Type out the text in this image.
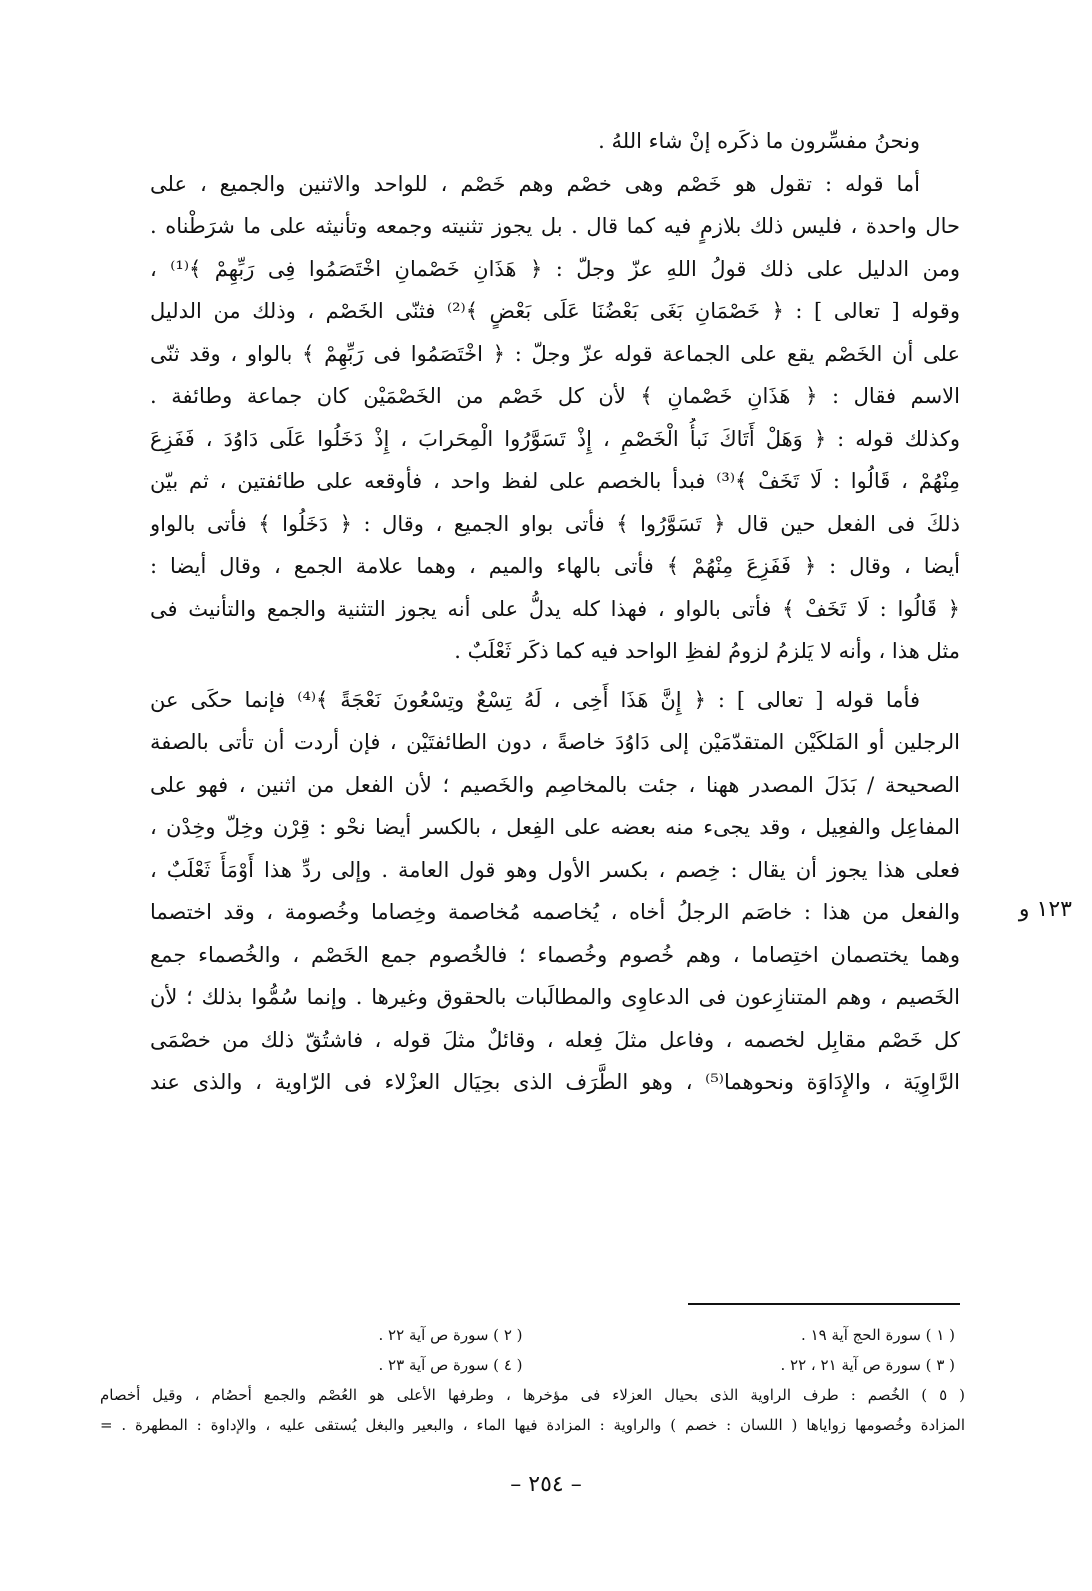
ونحنُ مفسِّرون ما ذكَره إنْ شاء اللهُ .
أما قوله : تقول هو خَصْم وهى خصْم وهم خَصْم ، للواحد والاثنين والجميع ، على
حال واحدة ، فليس ذلك بلازمٍ فيه كما قال . بل يجوز تثنيته وجمعه وتأنيثه على ما شرَطْناه .
ومن الدليل على ذلك قولُ اللهِ عزّ وجلّ : ﴿ هَذَانِ خَصْمانِ اخْتَصَمُوا فِى رَبِّهِمْ ﴾⁽¹⁾ ،
وقوله [ تعالى ] : ﴿ خَصْمَانِ بَغَى بَعْضُنَا عَلَى بَعْضٍ ﴾⁽²⁾ فثنّى الخَصْم ، وذلك من الدليل
على أن الخَصْم يقع على الجماعة قوله عزّ وجلّ : ﴿ اخْتَصَمُوا فى رَبِّهِمْ ﴾ بالواو ، وقد ثنّى
الاسم فقال : ﴿ هَذَانِ خَصْمانِ ﴾ لأن كل خَصْم من الخَصْمَيْن كان جماعة وطائفة .
وكذلك قوله : ﴿ وَهَلْ أَتَاكَ نَبأُ الْخَصْمِ ، إِذْ تَسَوَّرُوا الْمِحَرابَ ، إِذْ دَخَلُوا عَلَى دَاوُدَ ، فَفَزِعَ
مِنْهُمْ ، قَالُوا : لَا تَخَفْ ﴾⁽³⁾ فبدأ بالخصم على لفظ واحد ، فأوقعه على طائفتين ، ثم بيّن
ذلكَ فى الفعل حين قال ﴿ تَسَوَّرُوا ﴾ فأتى بواو الجميع ، وقال : ﴿ دَخَلُوا ﴾ فأتى بالواو
أيضا ، وقال : ﴿ فَفَزِعَ مِنْهُمْ ﴾ فأتى بالهاء والميم ، وهما علامة الجمع ، وقال أيضا :
﴿ قَالُوا : لَا تَخَفْ ﴾ فأتى بالواو ، فهذا كله يدلُّ على أنه يجوز التثنية والجمع والتأنيث فى
مثل هذا ، وأنه لا يَلزمُ لزومُ لفظِ الواحد فيه كما ذكَر ثَعْلَبٌ .
فأما قوله [ تعالى ] : ﴿ إِنَّ هَذَا أَخِى ، لَهُ تِسْعٌ وتِسْعُونَ نَعْجَةً ﴾⁽⁴⁾ فإنما حكَى عن
الرجلين أو المَلكَيْن المتقدّمَيْن إلى دَاوُدَ خاصةً ، دون الطائفتَيْن ، فإن أردت أن تأتى بالصفة
الصحيحة / بَدَلَ المصدر ههنا ، جئت بالمخاصِم والخَصيم ؛ لأن الفعل من اثنين ، فهو على
المفاعِل والفعِيل ، وقد يجىء منه بعضه على الفِعل ، بالكسر أيضا نحْو : قِرْن وخِلّ وخِدْن ،
فعلى هذا يجوز أن يقال : خِصم ، بكسر الأول وهو قول العامة . وإلى ردِّ هذا أَوْمَأَ ثَعْلَبٌ ،
والفعل من هذا : خاصَم الرجلُ أخاه ، يُخاصمه مُخاصمة وخِصاما وخُصومة ، وقد اختصما
وهما يختصمان اختِصاما ، وهم خُصوم وخُصماء ؛ فالخُصوم جمع الخَصْم ، والخُصماء جمع
الخَصيم ، وهم المتنازِعون فى الدعاوِى والمطالَبات بالحقوق وغيرها . وإنما سُمُّوا بذلك ؛ لأن
كل خَصْم مقابِل لخصمه ، وفاعل مثلَ فِعله ، وقائلٌ مثلَ قوله ، فاشتُقّ ذلك من خصْمَى
الرَّاوِيَة ، والإِدَاوَة ونحوهما⁽⁵⁾ ، وهو الطَّرَف الذى بحِيَال العزْلاء فى الرّاوية ، والذى عند
١٢٣ و
( ١ ) سورة الحج آية ١٩ .
( ٢ ) سورة ص آية ٢٢ .
( ٣ ) سورة ص آية ٢١ ، ٢٢ .
( ٤ ) سورة ص آية ٢٣ .
( ٥ ) الخُصم : طرف الراوية الذى بحيال العزلاء فى مؤخرها ، وطرفها الأعلى هو العُصْم والجمع أحصُام ، وقيل أخصام
المزادة وخُصومها زواياها ( اللسان : خصم ) والراوية : المزادة فيها الماء ، والبعير والبغل يُستقى عليه ، والإداوة : المطهرة . =
– ٢٥٤ –
